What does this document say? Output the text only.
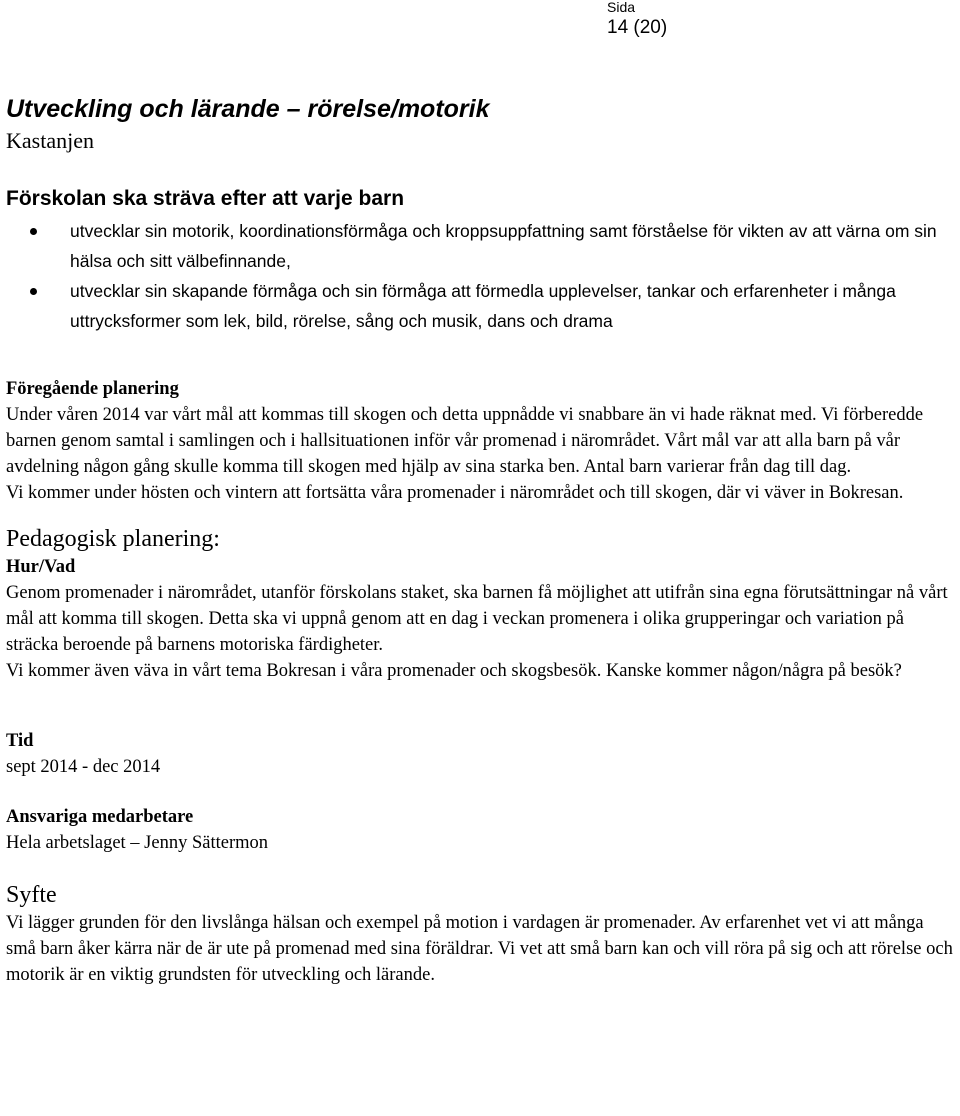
Sida
14 (20)
Utveckling och lärande – rörelse/motorik

Kastanjen

Förskolan ska sträva efter att varje barn
utvecklar sin motorik, koordinationsförmåga och kroppsuppfattning samt förståelse för vikten av att värna om sin hälsa och sitt välbefinnande,
utvecklar sin skapande förmåga och sin förmåga att förmedla upplevelser, tankar och erfarenheter i många uttrycksformer som lek, bild, rörelse, sång och musik, dans och drama
Föregående planering

Under våren 2014 var vårt mål att kommas till skogen och detta uppnådde vi snabbare än vi hade räknat med. Vi förberedde barnen genom samtal i samlingen och i hallsituationen inför vår promenad i närområdet. Vårt mål var att alla barn på vår avdelning någon gång skulle komma till skogen med hjälp av sina starka ben. Antal barn varierar från dag till dag.

Vi kommer under hösten och vintern att fortsätta våra promenader i närområdet och till skogen, där vi väver in Bokresan.

Pedagogisk planering:
Hur/Vad

Genom promenader i närområdet, utanför förskolans staket, ska barnen få möjlighet att utifrån sina egna förutsättningar nå vårt mål att komma till skogen. Detta ska vi uppnå genom att en dag i veckan promenera i olika grupperingar och variation på sträcka beroende på barnens motoriska färdigheter.

Vi kommer även väva in vårt tema Bokresan i våra promenader och skogsbesök. Kanske kommer någon/några på besök?

Tid

sept 2014 - dec 2014

Ansvariga medarbetare

Hela arbetslaget – Jenny Sättermon

Syfte

Vi lägger grunden för den livslånga hälsan och exempel på motion i vardagen är promenader. Av erfarenhet vet vi att många små barn åker kärra när de är ute på promenad med sina föräldrar. Vi vet att små barn kan och vill röra på sig och att rörelse och motorik är en viktig grundsten för utveckling och lärande.
